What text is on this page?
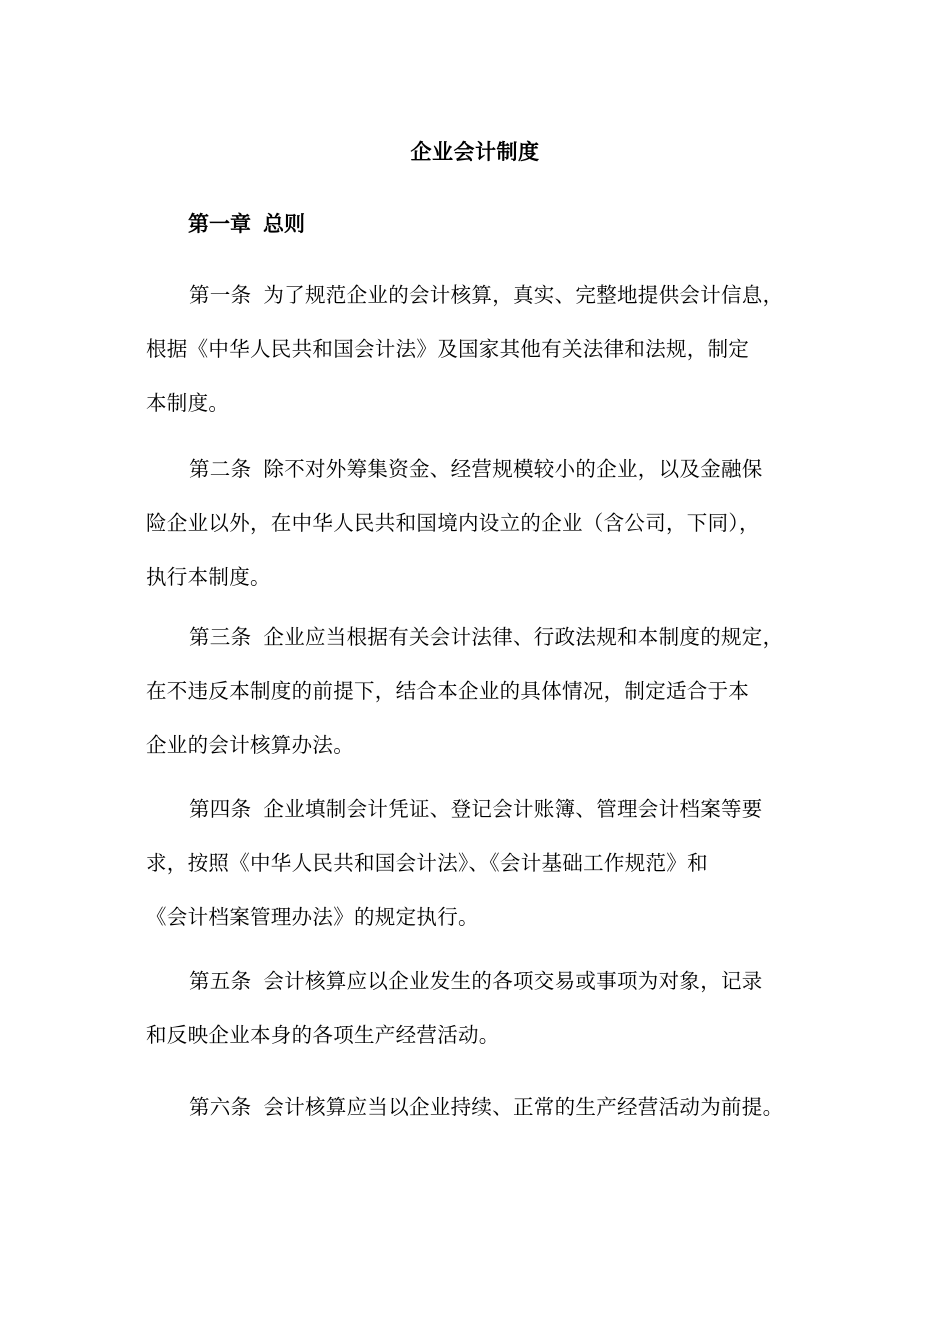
企业会计制度
第一章 总则
第一条 为了规范企业的会计核算，真实、完整地提供会计信息，
根据《中华人民共和国会计法》及国家其他有关法律和法规，制定
本制度。
第二条 除不对外筹集资金、经营规模较小的企业，以及金融保
险企业以外，在中华人民共和国境内设立的企业（含公司，下同），
执行本制度。
第三条 企业应当根据有关会计法律、行政法规和本制度的规定，
在不违反本制度的前提下，结合本企业的具体情况，制定适合于本
企业的会计核算办法。
第四条 企业填制会计凭证、登记会计账簿、管理会计档案等要
求，按照《中华人民共和国会计法》、《会计基础工作规范》和
《会计档案管理办法》的规定执行。
第五条 会计核算应以企业发生的各项交易或事项为对象，记录
和反映企业本身的各项生产经营活动。
第六条 会计核算应当以企业持续、正常的生产经营活动为前提。
